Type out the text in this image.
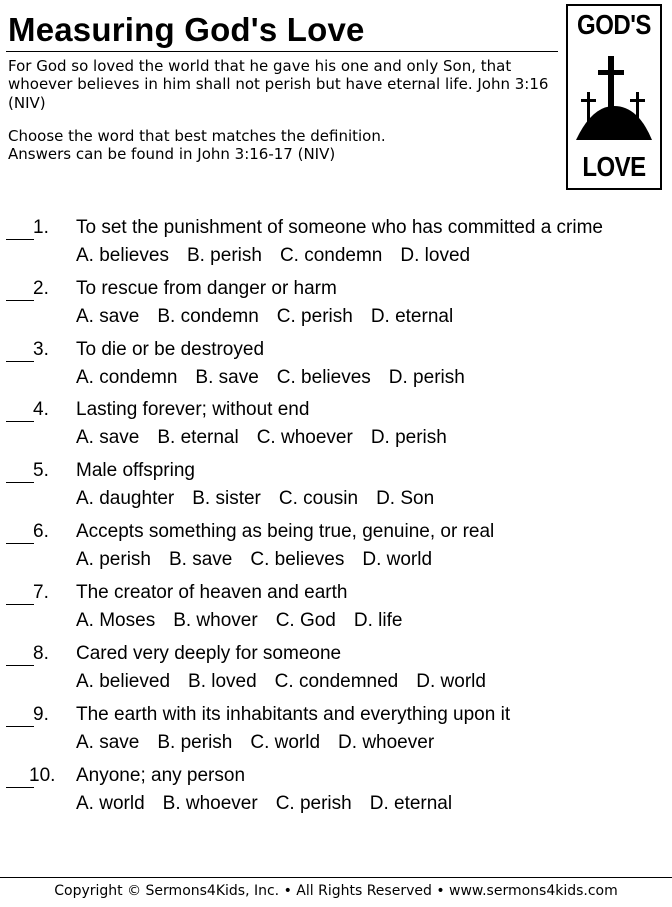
Measuring God's Love
For God so loved the world that he gave his one and only Son, that whoever believes in him shall not perish but have eternal life. John 3:16 (NIV)
Choose the word that best matches the definition.
Answers can be found in John 3:16-17 (NIV)
GOD'S
LOVE
1. To set the punishment of someone who has committed a crime
A. believes B. perish C. condemn D. loved
2. To rescue from danger or harm
A. save B. condemn C. perish D. eternal
3. To die or be destroyed
A. condemn B. save C. believes D. perish
4. Lasting forever; without end
A. save B. eternal C. whoever D. perish
5. Male offspring
A. daughter B. sister C. cousin D. Son
6. Accepts something as being true, genuine, or real
A. perish B. save C. believes D. world
7. The creator of heaven and earth
A. Moses B. whover C. God D. life
8. Cared very deeply for someone
A. believed B. loved C. condemned D. world
9. The earth with its inhabitants and everything upon it
A. save B. perish C. world D. whoever
10. Anyone; any person
A. world B. whoever C. perish D. eternal
Copyright © Sermons4Kids, Inc. • All Rights Reserved • www.sermons4kids.com
